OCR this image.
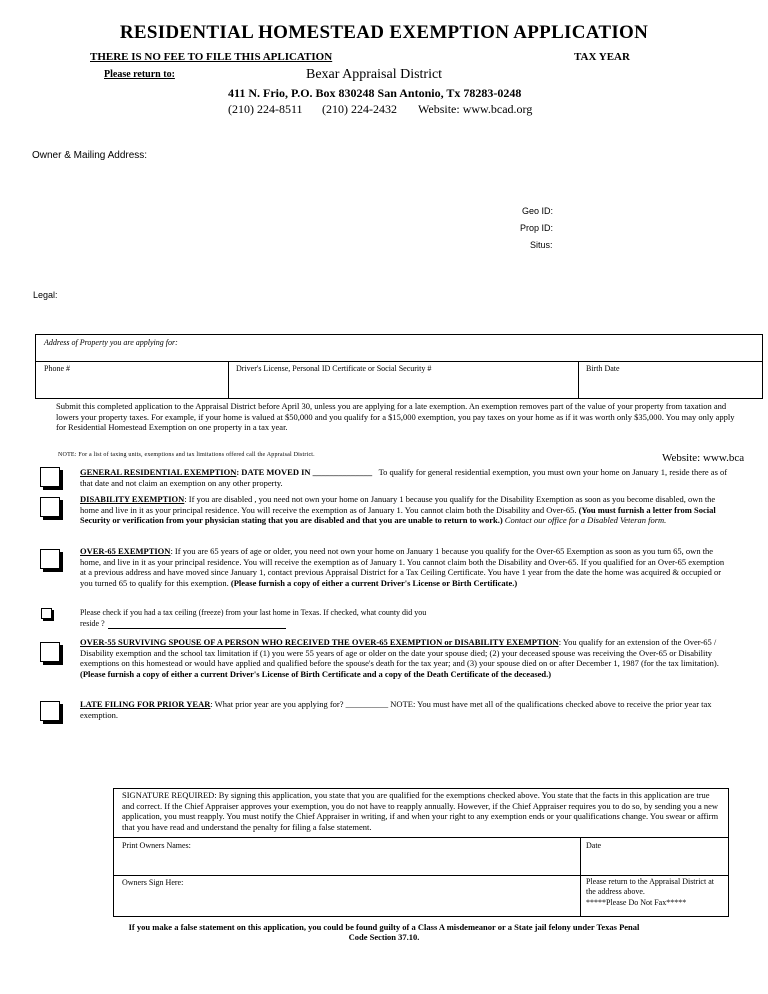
RESIDENTIAL HOMESTEAD EXEMPTION APPLICATION
THERE IS NO FEE TO FILE THIS APLICATION	TAX YEAR
Please return to:	Bexar Appraisal District
411 N. Frio, P.O. Box 830248 San Antonio, Tx 78283-0248
(210) 224-8511 (210) 224-2432 Website: www.bcad.org
Owner & Mailing Address:
Geo ID:
Prop ID:
Situs:
Legal:
Address of Property you are applying for:
Phone #	Driver's License, Personal ID Certificate or Social Security #	Birth Date
Submit this completed application to the Appraisal District before April 30, unless you are applying for a late exemption. An exemption removes part of the value of your property from taxation and lowers your property taxes. For example, if your home is valued at $50,000 and you qualify for a $15,000 exemption, you pay taxes on your home as if it was worth only $35,000. You may only apply for Residential Homestead Exemption on one property in a tax year.
NOTE: For a list of taxing units, exemptions and tax limitations offered call the Appraisal District.	Website: www.bca
GENERAL RESIDENTIAL EXEMPTION: DATE MOVED IN ______________ To qualify for general residential exemption, you must own your home on January 1, reside there as of that date and not claim an exemption on any other property.
DISABILITY EXEMPTION: If you are disabled , you need not own your home on January 1 because you qualify for the Disability Exemption as soon as you become disabled, own the home and live in it as your principal residence. You will receive the exemption as of January 1. You cannot claim both the Disability and Over-65. (You must furnish a letter from Social Security or verification from your physician stating that you are disabled and that you are unable to return to work.) Contact our office for a Disabled Veteran form.
OVER-65 EXEMPTION: If you are 65 years of age or older, you need not own your home on January 1 because you qualify for the Over-65 Exemption as soon as you turn 65, own the home, and live in it as your principal residence. You will receive the exemption as of January 1. You cannot claim both the Disability and Over-65. If you qualified for an Over-65 exemption at a previous address and have moved since January 1, contact previous Appraisal District for a Tax Ceiling Certificate. You have 1 year from the date the home was acquired & occupied or you turned 65 to qualify for this exemption. (Please furnish a copy of either a current Driver's License or Birth Certificate.)
Please check if you had a tax ceiling (freeze) from your last home in Texas. If checked, what county did you
reside ?
OVER-55 SURVIVING SPOUSE OF A PERSON WHO RECEIVED THE OVER-65 EXEMPTION or DISABILITY EXEMPTION: You qualify for an extension of the Over-65 / Disability exemption and the school tax limitation if (1) you were 55 years of age or older on the date your spouse died; (2) your deceased spouse was receiving the Over-65 or Disability exemptions on this homestead or would have applied and qualified before the spouse's death for the tax year; and (3) your spouse died on or after December 1, 1987 (for the tax limitation). (Please furnish a copy of either a current Driver's License of Birth Certificate and a copy of the Death Certificate of the deceased.)
LATE FILING FOR PRIOR YEAR: What prior year are you applying for? __________ NOTE: You must have met all of the qualifications checked above to receive the prior year tax exemption.
SIGNATURE REQUIRED: By signing this application, you state that you are qualified for the exemptions checked above. You state that the facts in this application are true and correct. If the Chief Appraiser approves your exemption, you do not have to reapply annually. However, if the Chief Appraiser requires you to do so, by sending you a new application, you must reapply. You must notify the Chief Appraiser in writing, if and when your right to any exemption ends or your qualifications change. You swear or affirm that you have read and understand the penalty for filing a false statement.
Print Owners Names:	Date
Owners Sign Here:	Please return to the Appraisal District at the address above.
*****Please Do Not Fax*****
If you make a false statement on this application, you could be found guilty of a Class A misdemeanor or a State jail felony under Texas Penal
Code Section 37.10.
